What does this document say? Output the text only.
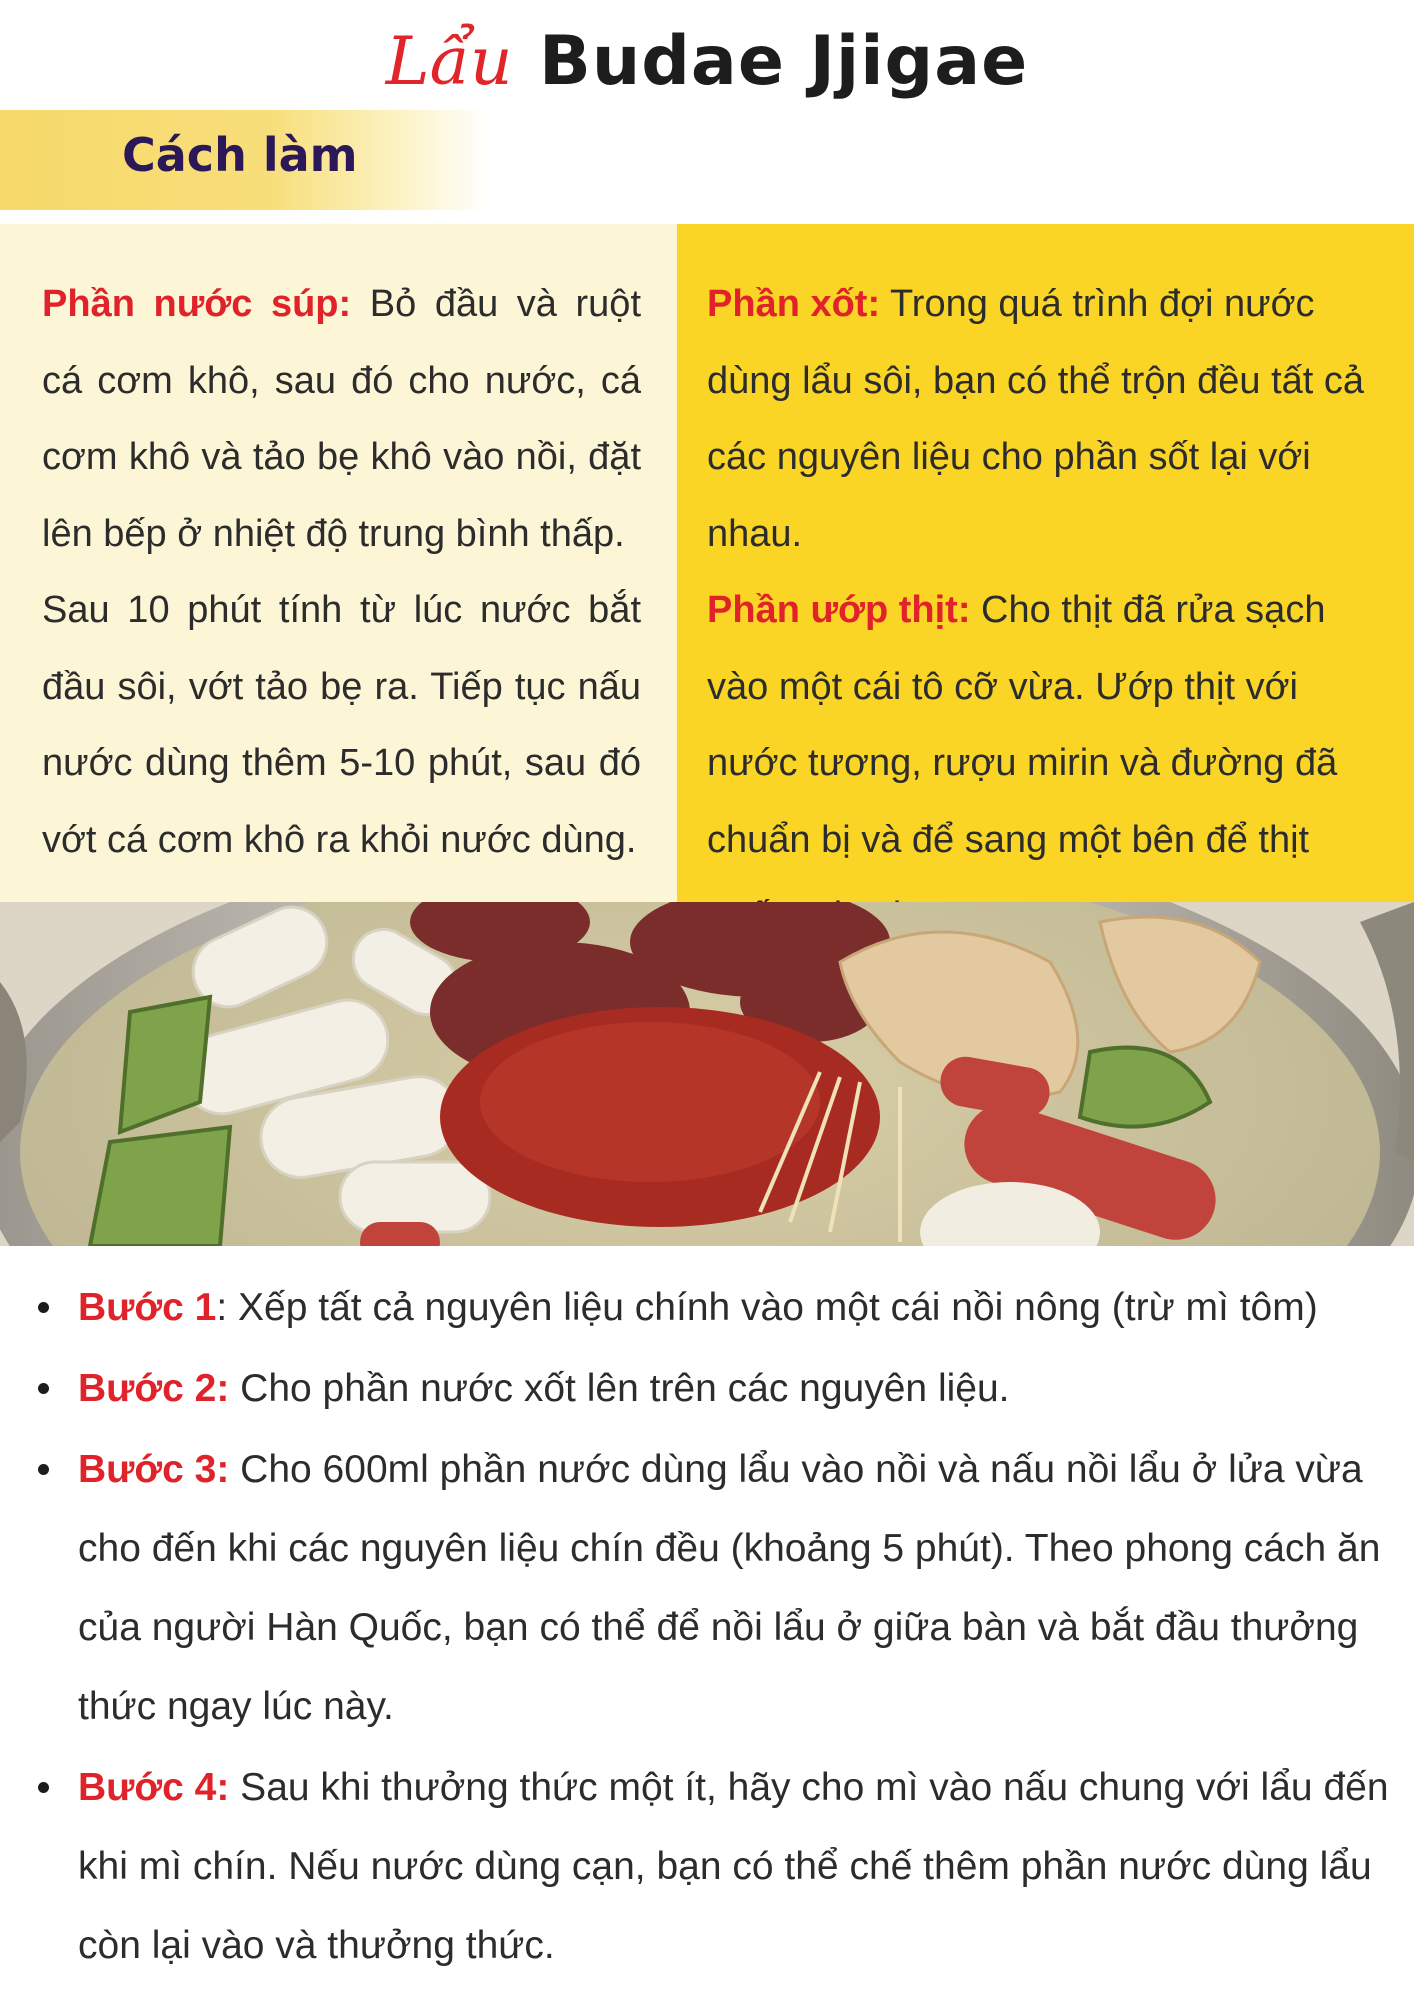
Lẩu Budae Jjigae
Cách làm

Phần nước súp: Bỏ đầu và ruột cá cơm khô, sau đó cho nước, cá cơm khô và tảo bẹ khô vào nồi, đặt lên bếp ở nhiệt độ trung bình thấp.

Sau 10 phút tính từ lúc nước bắt đầu sôi, vớt tảo bẹ ra. Tiếp tục nấu nước dùng thêm 5-10 phút, sau đó vớt cá cơm khô ra khỏi nước dùng.

Phần xốt: Trong quá trình đợi nước dùng lẩu sôi, bạn có thể trộn đều tất cả các nguyên liệu cho phần sốt lại với nhau.

Phần ướp thịt: Cho thịt đã rửa sạch vào một cái tô cỡ vừa. Ướp thịt với nước tương, rượu mirin và đường đã chuẩn bị và để sang một bên để thịt

Bước 1: Xếp tất cả nguyên liệu chính vào một cái nồi nông (trừ mì tôm)
Bước 2: Cho phần nước xốt lên trên các nguyên liệu.
Bước 3: Cho 600ml phần nước dùng lẩu vào nồi và nấu nồi lẩu ở lửa vừa cho đến khi các nguyên liệu chín đều (khoảng 5 phút). Theo phong cách ăn của người Hàn Quốc, bạn có thể để nồi lẩu ở giữa bàn và bắt đầu thưởng thức ngay lúc này.
Bước 4: Sau khi thưởng thức một ít, hãy cho mì vào nấu chung với lẩu đến khi mì chín. Nếu nước dùng cạn, bạn có thể chế thêm phần nước dùng lẩu còn lại vào và thưởng thức.
